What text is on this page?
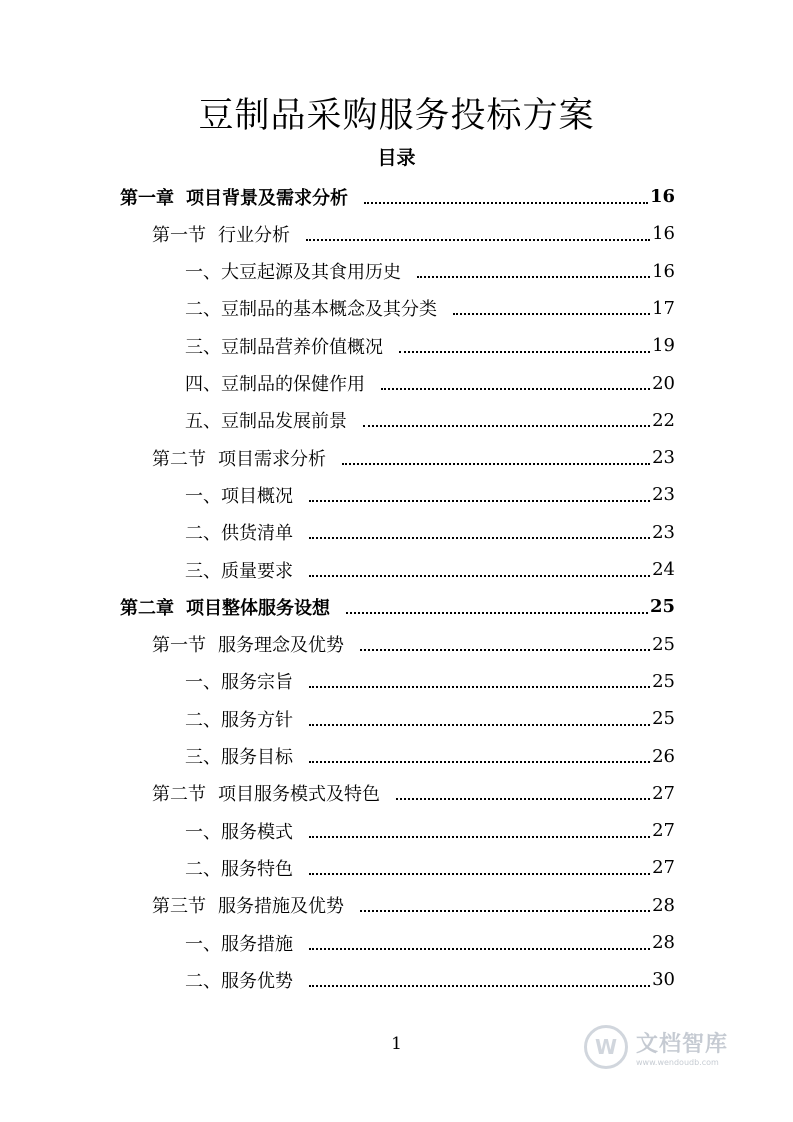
豆制品采购服务投标方案
目录
第一章 项目背景及需求分析	16
第一节 行业分析	16
一、 大豆起源及其食用历史	16
二、 豆制品的基本概念及其分类	17
三、 豆制品营养价值概况	19
四、 豆制品的保健作用	20
五、 豆制品发展前景	22
第二节 项目需求分析	23
一、 项目概况	23
二、 供货清单	23
三、 质量要求	24
第二章 项目整体服务设想	25
第一节 服务理念及优势	25
一、 服务宗旨	25
二、 服务方针	25
三、 服务目标	26
第二节 项目服务模式及特色	27
一、 服务模式	27
二、 服务特色	27
第三节 服务措施及优势	28
一、 服务措施	28
二、 服务优势	30
1	W 文档智库
www.wendoudb.com
